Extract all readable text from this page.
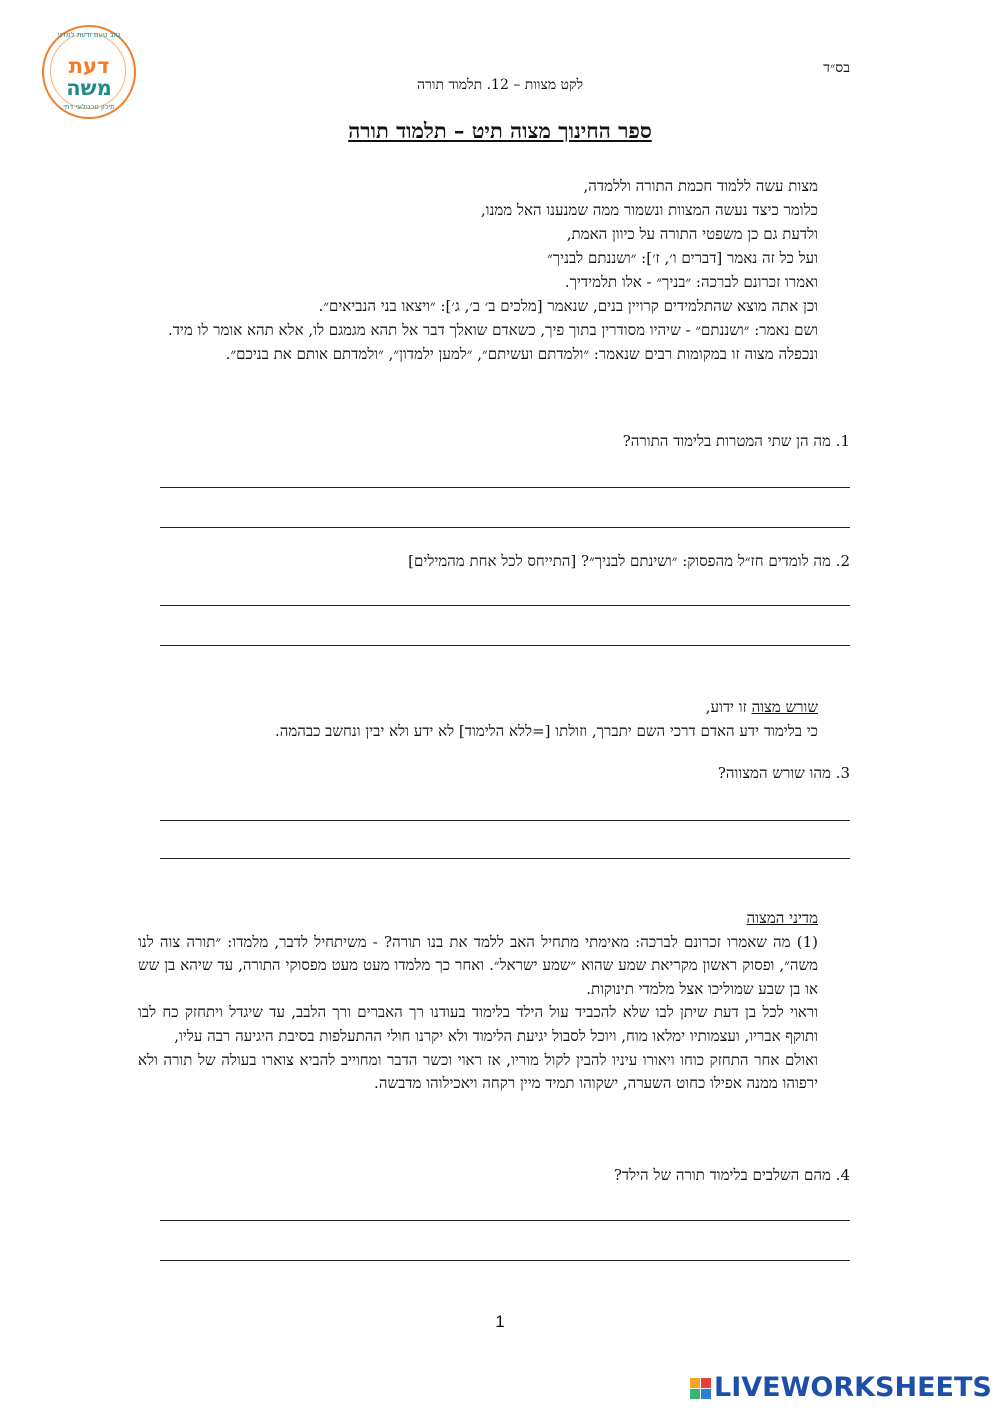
טוב טעם ודעת למדני
דעת
משה
תיכון טכנולוגי דתי
בס״ד
לקט מצוות – 12. תלמוד תורה
ספר החינוך מצוה תיט – תלמוד תורה

מצות עשה ללמוד חכמת התורה וללמדה,

כלומר כיצד נעשה המצוות ונשמור ממה שמנענו האל ממנו,

ולדעת גם כן משפטי התורה על כיוון האמת,

ועל כל זה נאמר [דברים ו׳, ז׳]: ״ושננתם לבניך״

ואמרו זכרונם לברכה: ״בניך״ - אלו תלמידיך.

וכן אתה מוצא שהתלמידים קרויין בנים, שנאמר [מלכים ב׳ ב׳, ג׳]: ״ויצאו בני הנביאים״.

ושם נאמר: ״ושננתם״ - שיהיו מסודרין בתוך פיך, כשאדם שואלך דבר אל תהא מגמגם לו, אלא תהא אומר לו מיד.

ונכפלה מצוה זו במקומות רבים שנאמר: ״ולמדתם ועשיתם״, ״למען ילמדון״, ״ולמדתם אותם את בניכם״.

1. מה הן שתי המטרות בלימוד התורה?
2. מה לומדים חז״ל מהפסוק: ״ושינתם לבניך״? [התייחס לכל אחת מהמילים]

שורש מצוה זו ידוע,

כי בלימוד ידע האדם דרכי השם יתברך, וזולתו [=ללא הלימוד] לא ידע ולא יבין ונחשב כבהמה.

3. מהו שורש המצווה?

מדיני המצוה

(1) מה שאמרו זכרונם לברכה: מאימתי מתחיל האב ללמד את בנו תורה? - משיתחיל לדבר, מלמדו: ״תורה צוה לנו משה״, ופסוק ראשון מקריאת שמע שהוא ״שמע ישראל״. ואחר כך מלמדו מעט מעט מפסוקי התורה, עד שיהא בן שש או בן שבע שמוליכו אצל מלמדי תינוקות.

וראוי לכל בן דעת שיתן לבו שלא להכביד עול הילד בלימוד בעודנו רך האברים ורך הלבב, עד שיגדל ויתחזק כח לבו ותוקף אבריו, ועצמותיו ימלאו מוח, ויוכל לסבול יגיעת הלימוד ולא יקרנו חולי ההתעלפות בסיבת היגיעה רבה עליו,

ואולם אחר התחזק כוחו ויאורו עיניו להבין לקול מוריו, אז ראוי וכשר הדבר ומחוייב להביא צוארו בעולה של תורה ולא ירפוהו ממנה אפילו כחוט השערה, ישקוהו תמיד מיין רקחה ויאכילוהו מדבשה.

4. מהם השלבים בלימוד תורה של הילד?
1
LIVEWORKSHEETS
